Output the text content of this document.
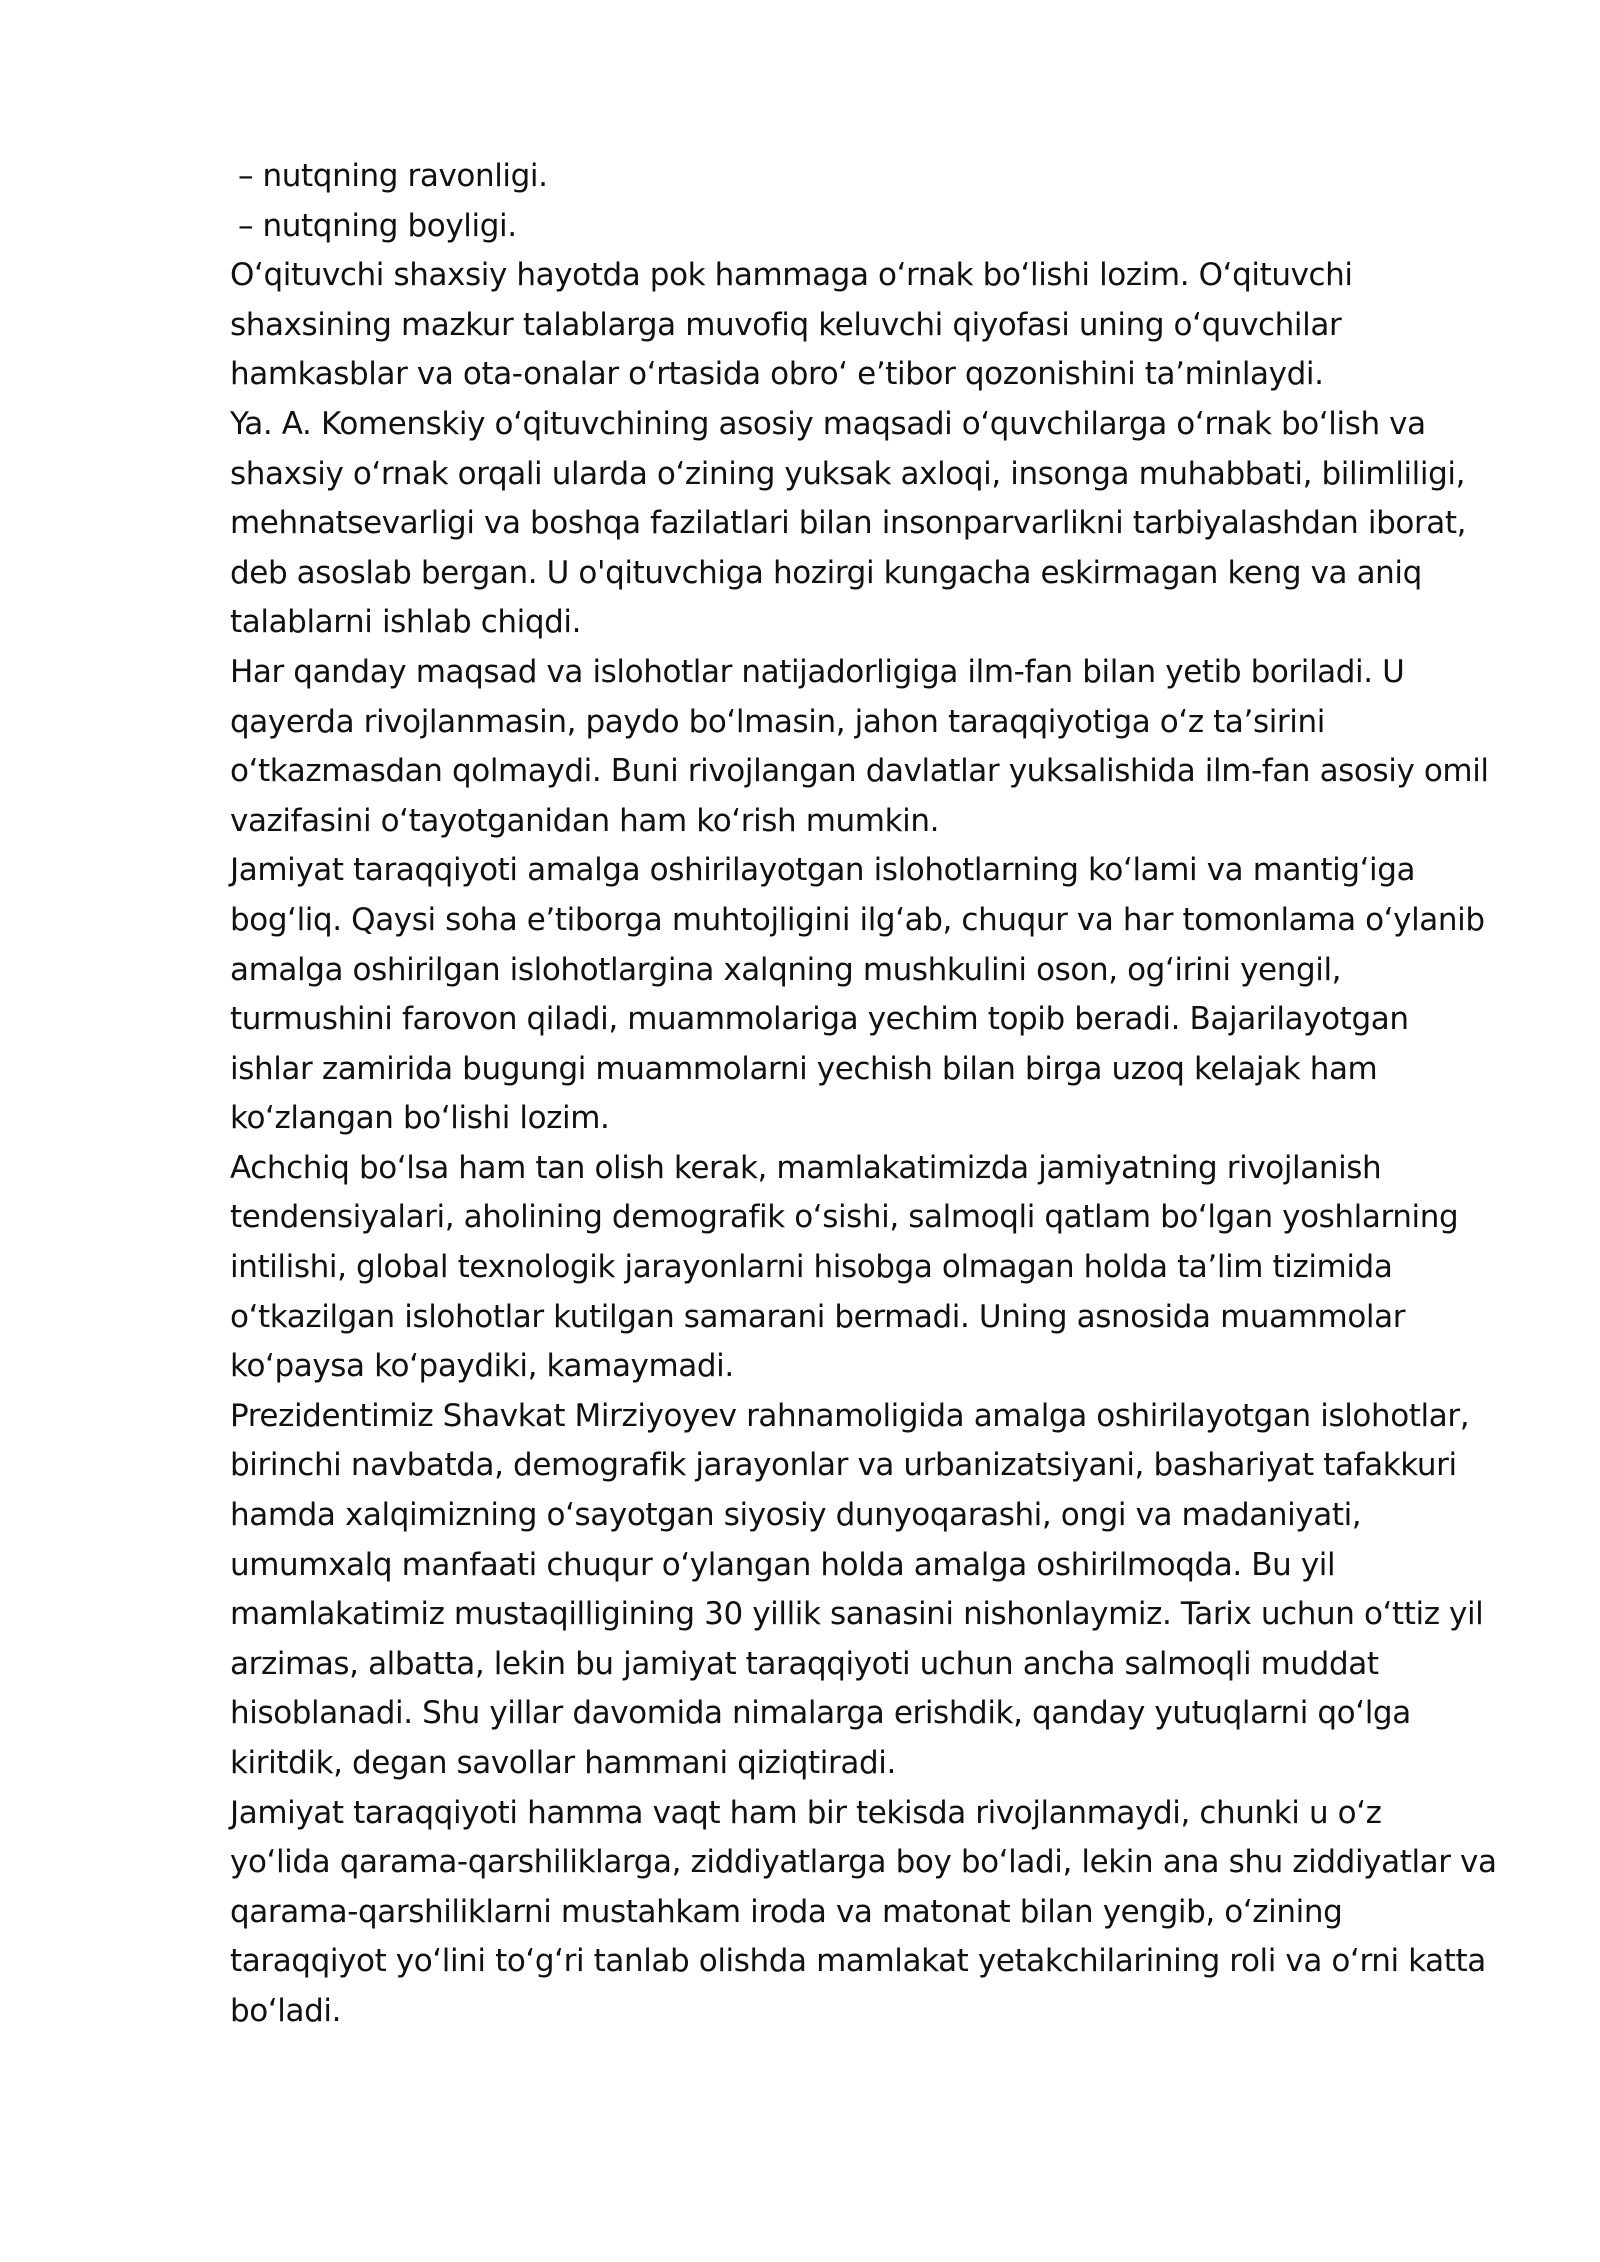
– nutqning ravonligi.
– nutqning boyligi.
Oʻqituvchi shaxsiy hayotda pok hammaga oʻrnak boʻlishi lozim. Oʻqituvchi
shaxsining mazkur talablarga muvofiq keluvchi qiyofasi uning oʻquvchilar
hamkasblar va ota-onalar oʻrtasida obroʻ eʼtibor qozonishini taʼminlaydi.
Ya. A. Komenskiy oʻqituvchining asosiy maqsadi oʻquvchilarga oʻrnak boʻlish va
shaxsiy oʻrnak orqali ularda oʻzining yuksak axloqi, insonga muhabbati, bilimliligi,
mehnatsevarligi va boshqa fazilatlari bilan insonparvarlikni tarbiyalashdan iborat,
deb asoslab bergan. U o'qituvchiga hozirgi kungacha eskirmagan keng va aniq
talablarni ishlab chiqdi.
Har qanday maqsad va islohotlar natijadorligiga ilm-fan bilan yetib boriladi. U
qayerda rivojlanmasin, paydo boʻlmasin, jahon taraqqiyotiga oʻz taʼsirini
oʻtkazmasdan qolmaydi. Buni rivojlangan davlatlar yuksalishida ilm-fan asosiy omil
vazifasini oʻtayotganidan ham koʻrish mumkin.
Jamiyat taraqqiyoti amalga oshirilayotgan islohotlarning koʻlami va mantigʻiga
bogʻliq. Qaysi soha eʼtiborga muhtojligini ilgʻab, chuqur va har tomonlama oʻylanib
amalga oshirilgan islohotlargina xalqning mushkulini oson, ogʻirini yengil,
turmushini farovon qiladi, muammolariga yechim topib beradi. Bajarilayotgan
ishlar zamirida bugungi muammolarni yechish bilan birga uzoq kelajak ham
koʻzlangan boʻlishi lozim.
Achchiq boʻlsa ham tan olish kerak, mamlakatimizda jamiyatning rivojlanish
tendensiyalari, aholining demografik oʻsishi, salmoqli qatlam boʻlgan yoshlarning
intilishi, global texnologik jarayonlarni hisobga olmagan holda taʼlim tizimida
oʻtkazilgan islohotlar kutilgan samarani bermadi. Uning asnosida muammolar
koʻpaysa koʻpaydiki, kamaymadi.
Prezidentimiz Shavkat Mirziyoyev rahnamoligida amalga oshirilayotgan islohotlar,
birinchi navbatda, demografik jarayonlar va urbanizatsiyani, bashariyat tafakkuri
hamda xalqimizning oʻsayotgan siyosiy dunyoqarashi, ongi va madaniyati,
umumxalq manfaati chuqur oʻylangan holda amalga oshirilmoqda. Bu yil
mamlakatimiz mustaqilligining 30 yillik sanasini nishonlaymiz. Tarix uchun oʻttiz yil
arzimas, albatta, lekin bu jamiyat taraqqiyoti uchun ancha salmoqli muddat
hisoblanadi. Shu yillar davomida nimalarga erishdik, qanday yutuqlarni qoʻlga
kiritdik, degan savollar hammani qiziqtiradi.
Jamiyat taraqqiyoti hamma vaqt ham bir tekisda rivojlanmaydi, chunki u oʻz
yoʻlida qarama-qarshiliklarga, ziddiyatlarga boy boʻladi, lekin ana shu ziddiyatlar va
qarama-qarshiliklarni mustahkam iroda va matonat bilan yengib, oʻzining
taraqqiyot yoʻlini toʻgʻri tanlab olishda mamlakat yetakchilarining roli va oʻrni katta
boʻladi.
